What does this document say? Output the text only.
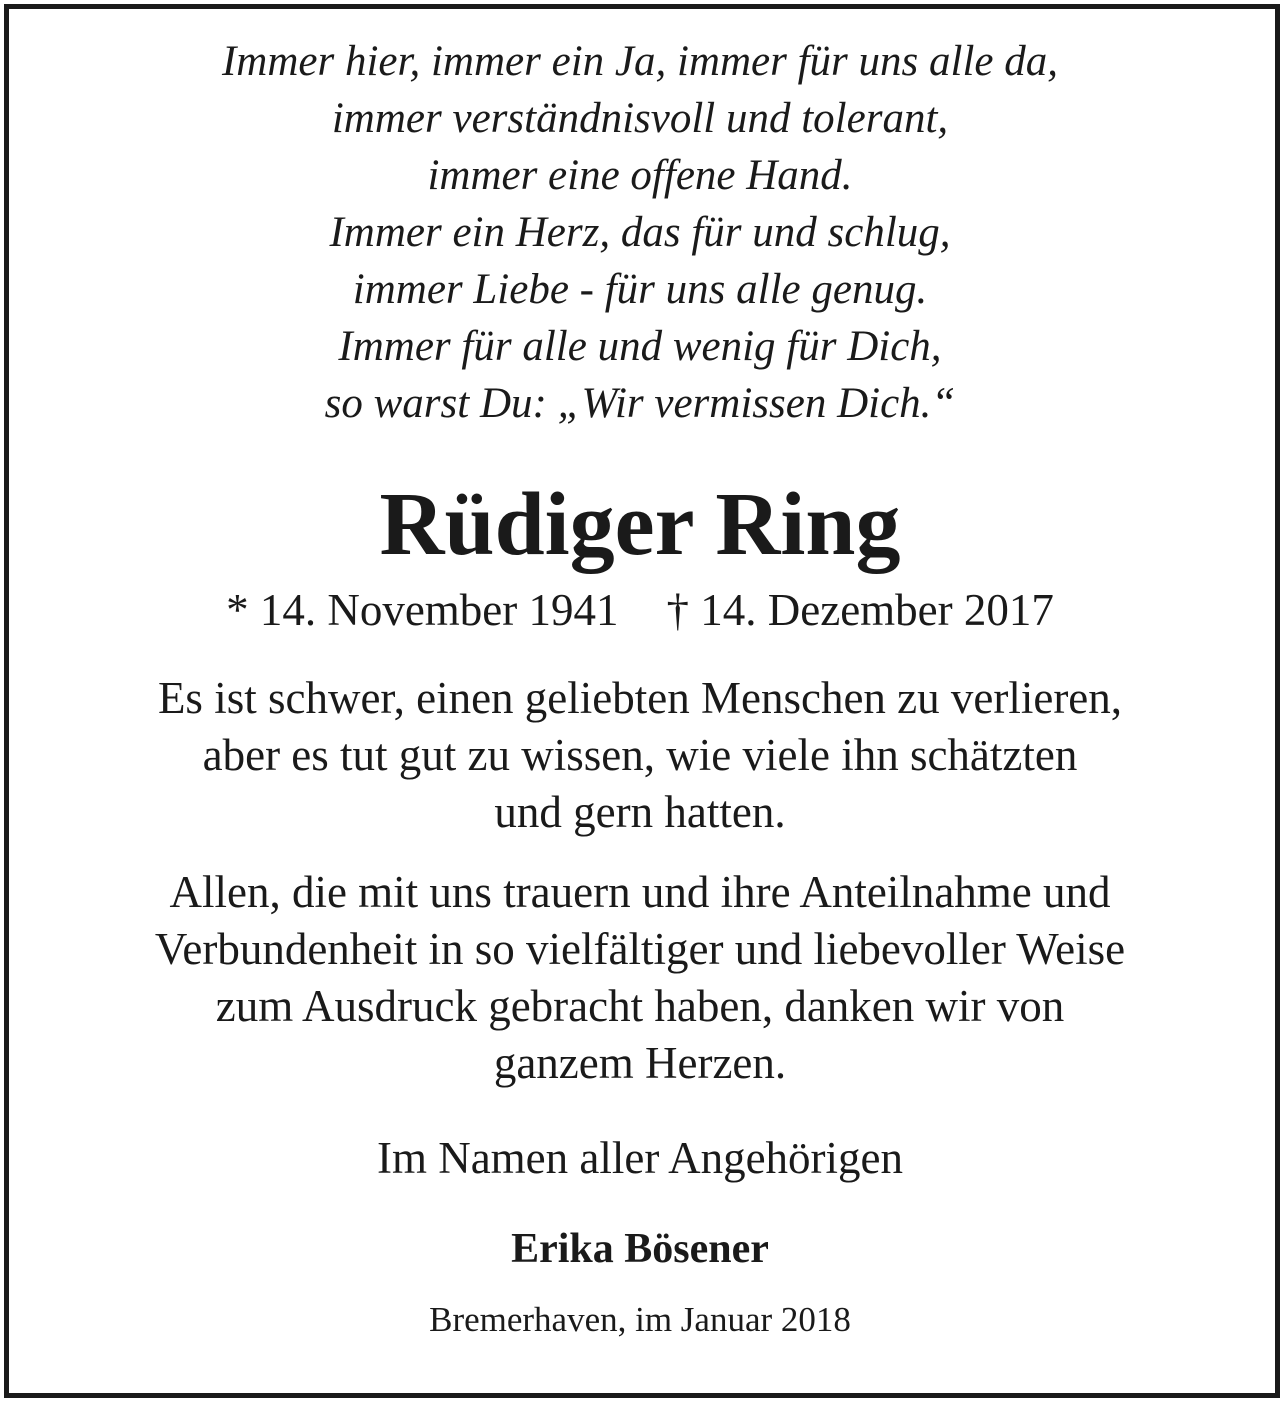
Immer hier, immer ein Ja, immer für uns alle da,
immer verständnisvoll und tolerant,
immer eine offene Hand.
Immer ein Herz, das für und schlug,
immer Liebe - für uns alle genug.
Immer für alle und wenig für Dich,
so warst Du: „Wir vermissen Dich.“
Rüdiger Ring
* 14. November 1941 † 14. Dezember 2017
Es ist schwer, einen geliebten Menschen zu verlieren,
aber es tut gut zu wissen, wie viele ihn schätzten
und gern hatten.
Allen, die mit uns trauern und ihre Anteilnahme und
Verbundenheit in so vielfältiger und liebevoller Weise
zum Ausdruck gebracht haben, danken wir von
ganzem Herzen.
Im Namen aller Angehörigen
Erika Bösener
Bremerhaven, im Januar 2018
